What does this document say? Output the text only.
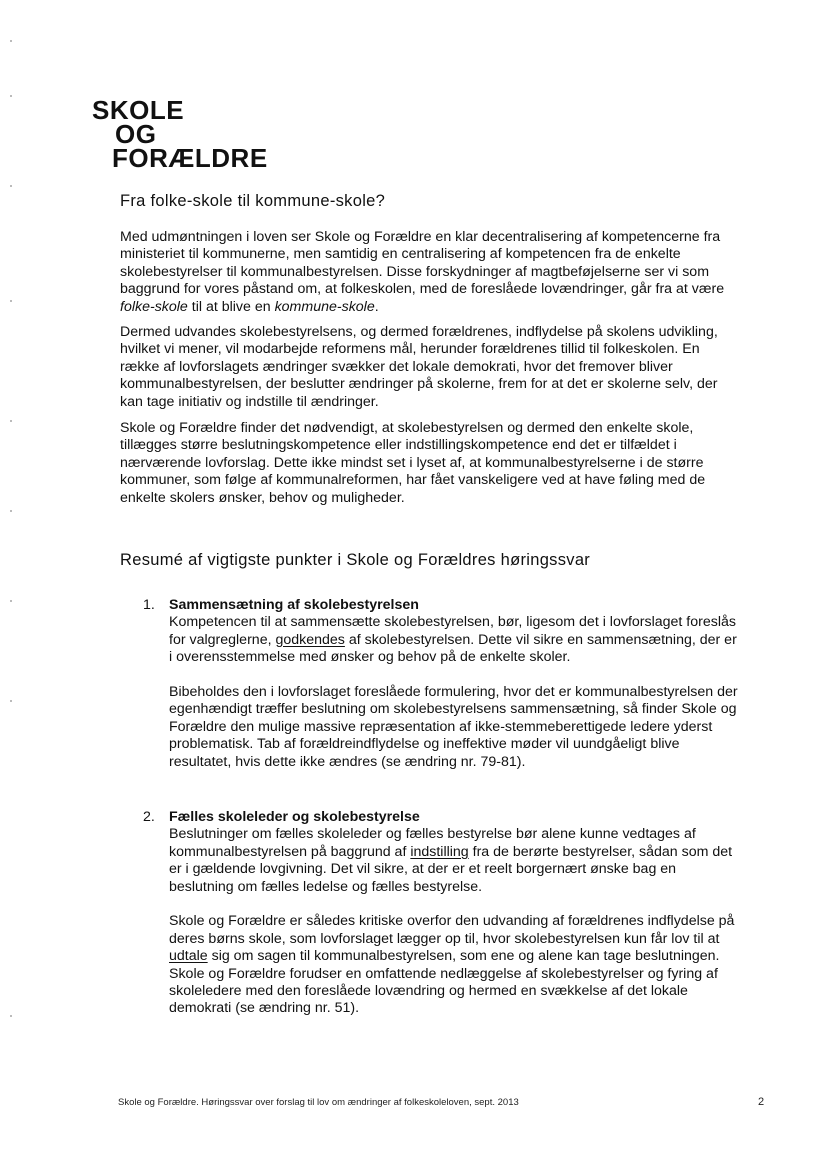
SKOLE
OG
FORÆLDRE
Fra folke-skole til kommune-skole?

Med udmøntningen i loven ser Skole og Forældre en klar decentralisering af kompetencerne fra ministeriet til kommunerne, men samtidig en centralisering af kompetencen fra de enkelte skolebestyrelser til kommunalbestyrelsen. Disse forskydninger af magtbeføjelserne ser vi som baggrund for vores påstand om, at folkeskolen, med de foreslåede lovændringer, går fra at være folke-skole til at blive en kommune-skole.

Dermed udvandes skolebestyrelsens, og dermed forældrenes, indflydelse på skolens udvikling, hvilket vi mener, vil modarbejde reformens mål, herunder forældrenes tillid til folkeskolen. En række af lovforslagets ændringer svækker det lokale demokrati, hvor det fremover bliver kommunalbestyrelsen, der beslutter ændringer på skolerne, frem for at det er skolerne selv, der kan tage initiativ og indstille til ændringer.

Skole og Forældre finder det nødvendigt, at skolebestyrelsen og dermed den enkelte skole, tillægges større beslutningskompetence eller indstillingskompetence end det er tilfældet i nærværende lovforslag. Dette ikke mindst set i lyset af, at kommunalbestyrelserne i de større kommuner, som følge af kommunalreformen, har fået vanskeligere ved at have føling med de enkelte skolers ønsker, behov og muligheder.

Resumé af vigtigste punkter i Skole og Forældres høringssvar
1. Sammensætning af skolebestyrelsen

Kompetencen til at sammensætte skolebestyrelsen, bør, ligesom det i lovforslaget foreslås for valgreglerne, godkendes af skolebestyrelsen. Dette vil sikre en sammensætning, der er i overensstemmelse med ønsker og behov på de enkelte skoler.

Bibeholdes den i lovforslaget foreslåede formulering, hvor det er kommunalbestyrelsen der egenhændigt træffer beslutning om skolebestyrelsens sammensætning, så finder Skole og Forældre den mulige massive repræsentation af ikke-stemmeberettigede ledere yderst problematisk. Tab af forældreindflydelse og ineffektive møder vil uundgåeligt blive resultatet, hvis dette ikke ændres (se ændring nr. 79-81).

2. Fælles skoleleder og skolebestyrelse

Beslutninger om fælles skoleleder og fælles bestyrelse bør alene kunne vedtages af kommunalbestyrelsen på baggrund af indstilling fra de berørte bestyrelser, sådan som det er i gældende lovgivning. Det vil sikre, at der er et reelt borgernært ønske bag en beslutning om fælles ledelse og fælles bestyrelse.

Skole og Forældre er således kritiske overfor den udvanding af forældrenes indflydelse på deres børns skole, som lovforslaget lægger op til, hvor skolebestyrelsen kun får lov til at udtale sig om sagen til kommunalbestyrelsen, som ene og alene kan tage beslutningen. Skole og Forældre forudser en omfattende nedlæggelse af skolebestyrelser og fyring af skoleledere med den foreslåede lovændring og hermed en svækkelse af det lokale demokrati (se ændring nr. 51).

Skole og Forældre. Høringssvar over forslag til lov om ændringer af folkeskoleloven, sept. 2013	2
